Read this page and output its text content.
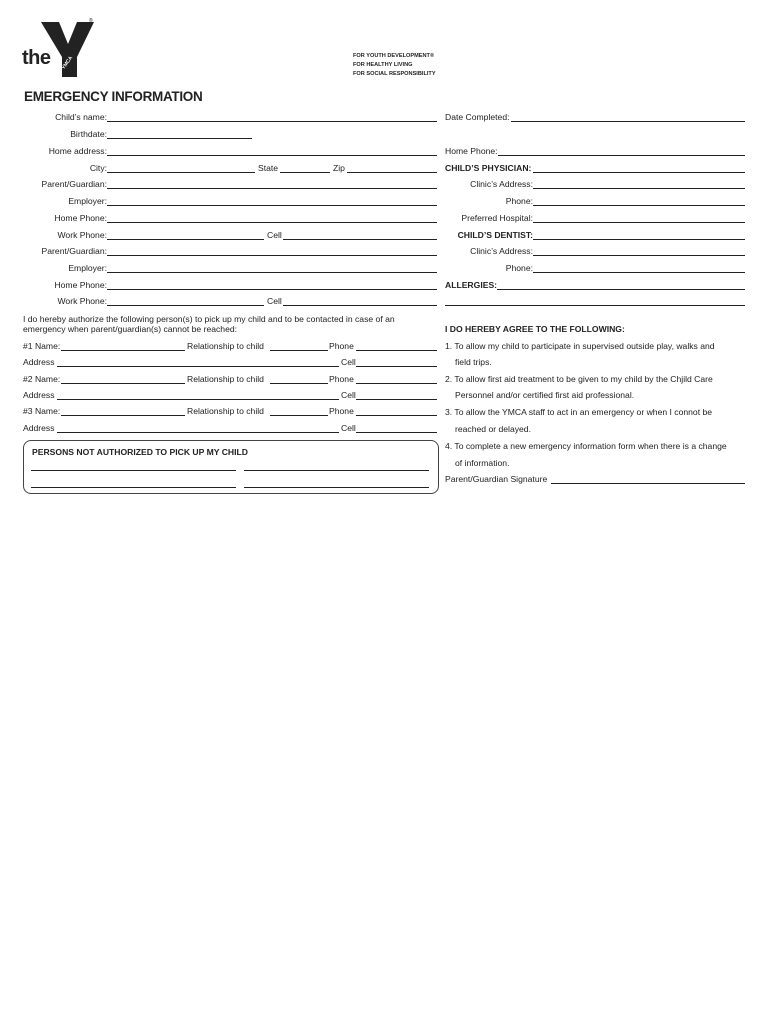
the YMCA
®
FOR YOUTH DEVELOPMENT®
FOR HEALTHY LIVING
FOR SOCIAL RESPONSIBILITY
EMERGENCY INFORMATION
Child’s name:
Birthdate:
Home address:
City:	State	Zip
Parent/Guardian:
Employer:
Home Phone:
Work Phone:	Cell
Parent/Guardian:
Employer:
Home Phone:
Work Phone:	Cell
I do hereby authorize the following person(s) to pick up my child and to be contacted in case of an
emergency when parent/guardian(s) cannot be reached:
#1 Name:	Relationship to child	Phone
Address	Cell
#2 Name:	Relationship to child	Phone
Address	Cell
#3 Name:	Relationship to child	Phone
Address	Cell
PERSONS NOT AUTHORIZED TO PICK UP MY CHILD
Date Completed:
Home Phone:
CHILD’S PHYSICIAN:
Clinic’s Address:
Phone:
Preferred Hospital:
CHILD’S DENTIST:
Clinic’s Address:
Phone:
ALLERGIES:
I DO HEREBY AGREE TO THE FOLLOWING:
1. To allow my child to participate in supervised outside play, walks and
field trips.
2. To allow first aid treatment to be given to my child by the Chjild Care
Personnel and/or certified first aid professional.
3. To allow the YMCA staff to act in an emergency or when I connot be
reached or delayed.
4. To complete a new emergency information form when there is a change
of information.
Parent/Guardian Signature
